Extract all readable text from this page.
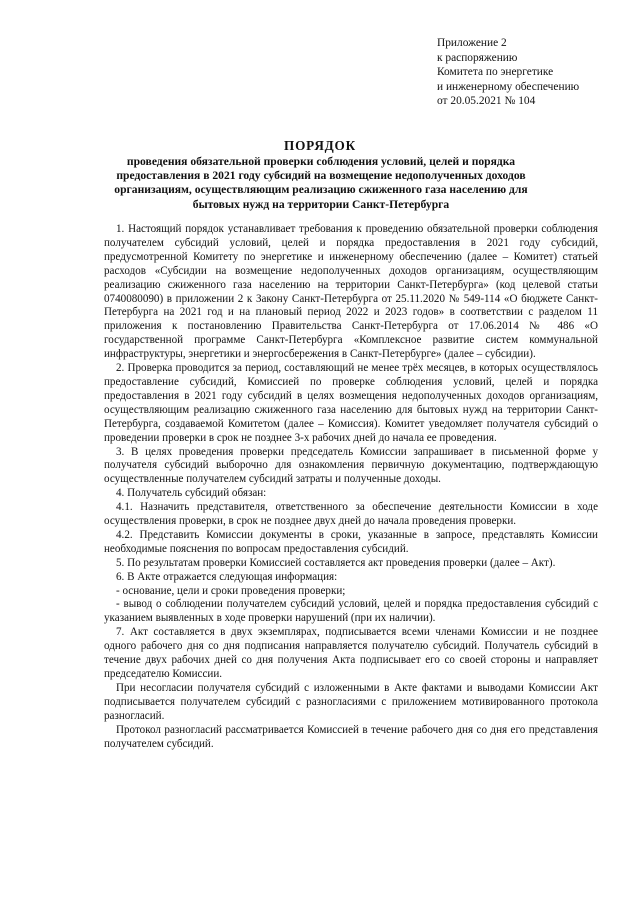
Приложение 2
к распоряжению
Комитета по энергетике
и инженерному обеспечению
от 20.05.2021 № 104
ПОРЯДОК
проведения обязательной проверки соблюдения условий, целей и порядка предоставления в 2021 году субсидий на возмещение недополученных доходов организациям, осуществляющим реализацию сжиженного газа населению для бытовых нужд на территории Санкт-Петербурга

1. Настоящий порядок устанавливает требования к проведению обязательной проверки соблюдения получателем субсидий условий, целей и порядка предоставления в 2021 году субсидий, предусмотренной Комитету по энергетике и инженерному обеспечению (далее – Комитет) статьей расходов «Субсидии на возмещение недополученных доходов организациям, осуществляющим реализацию сжиженного газа населению на территории Санкт-Петербурга» (код целевой статьи 0740080090) в приложении 2 к Закону Санкт-Петербурга от 25.11.2020 № 549-114 «О бюджете Санкт-Петербурга на 2021 год и на плановый период 2022 и 2023 годов» в соответствии с разделом 11 приложения к постановлению Правительства Санкт-Петербурга от 17.06.2014 № 486 «О государственной программе Санкт-Петербурга «Комплексное развитие систем коммунальной инфраструктуры, энергетики и энергосбережения в Санкт-Петербурге» (далее – субсидии).

2. Проверка проводится за период, составляющий не менее трёх месяцев, в которых осуществлялось предоставление субсидий, Комиссией по проверке соблюдения условий, целей и порядка предоставления в 2021 году субсидий в целях возмещения недополученных доходов организациям, осуществляющим реализацию сжиженного газа населению для бытовых нужд на территории Санкт-Петербурга, создаваемой Комитетом (далее – Комиссия). Комитет уведомляет получателя субсидий о проведении проверки в срок не позднее 3-х рабочих дней до начала ее проведения.

3. В целях проведения проверки председатель Комиссии запрашивает в письменной форме у получателя субсидий выборочно для ознакомления первичную документацию, подтверждающую осуществленные получателем субсидий затраты и полученные доходы.

4. Получатель субсидий обязан:

4.1. Назначить представителя, ответственного за обеспечение деятельности Комиссии в ходе осуществления проверки, в срок не позднее двух дней до начала проведения проверки.

4.2. Представить Комиссии документы в сроки, указанные в запросе, представлять Комиссии необходимые пояснения по вопросам предоставления субсидий.

5. По результатам проверки Комиссией составляется акт проведения проверки (далее – Акт).

6. В Акте отражается следующая информация:

- основание, цели и сроки проведения проверки;

- вывод о соблюдении получателем субсидий условий, целей и порядка предоставления субсидий с указанием выявленных в ходе проверки нарушений (при их наличии).

7. Акт составляется в двух экземплярах, подписывается всеми членами Комиссии и не позднее одного рабочего дня со дня подписания направляется получателю субсидий. Получатель субсидий в течение двух рабочих дней со дня получения Акта подписывает его со своей стороны и направляет председателю Комиссии.

При несогласии получателя субсидий с изложенными в Акте фактами и выводами Комиссии Акт подписывается получателем субсидий с разногласиями с приложением мотивированного протокола разногласий.

Протокол разногласий рассматривается Комиссией в течение рабочего дня со дня его представления получателем субсидий.
